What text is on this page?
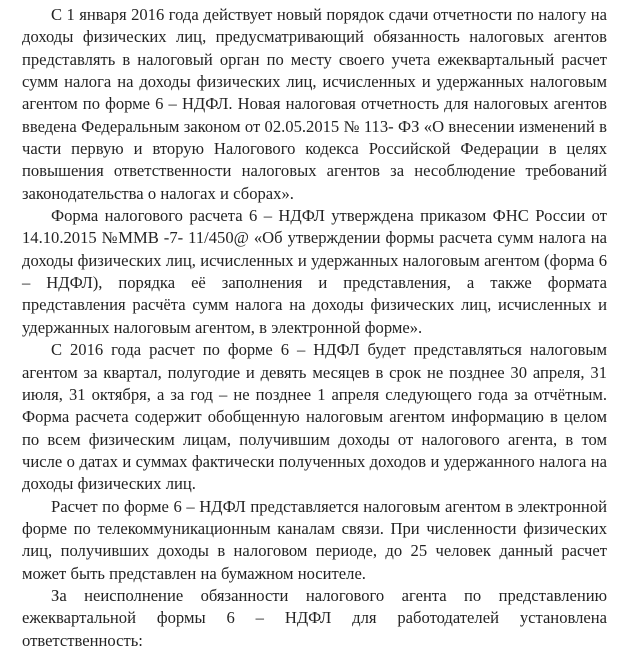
С 1 января 2016 года действует новый порядок сдачи отчетности по налогу на доходы физических лиц, предусматривающий обязанность налоговых агентов представлять в налоговый орган по месту своего учета ежеквартальный расчет сумм налога на доходы физических лиц, исчисленных и удержанных налоговым агентом по форме 6 – НДФЛ. Новая налоговая отчетность для налоговых агентов введена Федеральным законом от 02.05.2015 № 113- ФЗ «О внесении изменений в части первую и вторую Налогового кодекса Российской Федерации в целях повышения ответственности налоговых агентов за несоблюдение требований законодательства о налогах и сборах».

Форма налогового расчета 6 – НДФЛ утверждена приказом ФНС России от 14.10.2015 №ММВ -7- 11/450@ «Об утверждении формы расчета сумм налога на доходы физических лиц, исчисленных и удержанных налоговым агентом (форма 6 – НДФЛ), порядка её заполнения и представления, а также формата представления расчёта сумм налога на доходы физических лиц, исчисленных и удержанных налоговым агентом, в электронной форме».

С 2016 года расчет по форме 6 – НДФЛ будет представляться налоговым агентом за квартал, полугодие и девять месяцев в срок не позднее 30 апреля, 31 июля, 31 октября, а за год – не позднее 1 апреля следующего года за отчётным. Форма расчета содержит обобщенную налоговым агентом информацию в целом по всем физическим лицам, получившим доходы от налогового агента, в том числе о датах и суммах фактически полученных доходов и удержанного налога на доходы физических лиц.

Расчет по форме 6 – НДФЛ представляется налоговым агентом в электронной форме по телекоммуникационным каналам связи. При численности физических лиц, получивших доходы в налоговом периоде, до 25 человек данный расчет может быть представлен на бумажном носителе.

За неисполнение обязанности налогового агента по представлению ежеквартальной формы 6 – НДФЛ для работодателей установлена ответственность:
